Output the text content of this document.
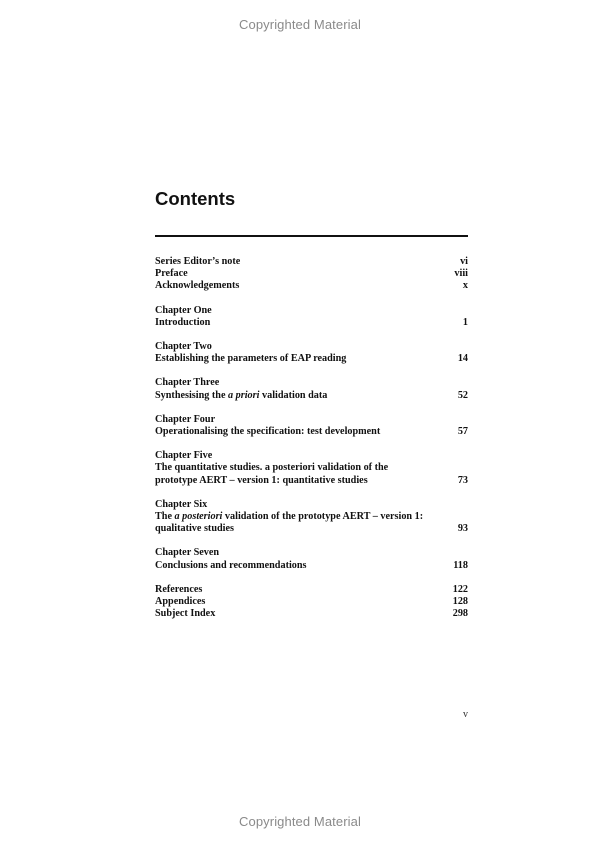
Copyrighted Material
Contents
Series Editor’s note	vi
Preface	viii
Acknowledgements	x
Chapter One
Introduction	1
Chapter Two
Establishing the parameters of EAP reading	14
Chapter Three
Synthesising the a priori validation data	52
Chapter Four
Operationalising the specification: test development	57
Chapter Five
The quantitative studies. a posteriori validation of the
prototype AERT – version 1: quantitative studies	73
Chapter Six
The a posteriori validation of the prototype AERT – version 1:
qualitative studies	93
Chapter Seven
Conclusions and recommendations	118
References	122
Appendices	128
Subject Index	298
v
Copyrighted Material
